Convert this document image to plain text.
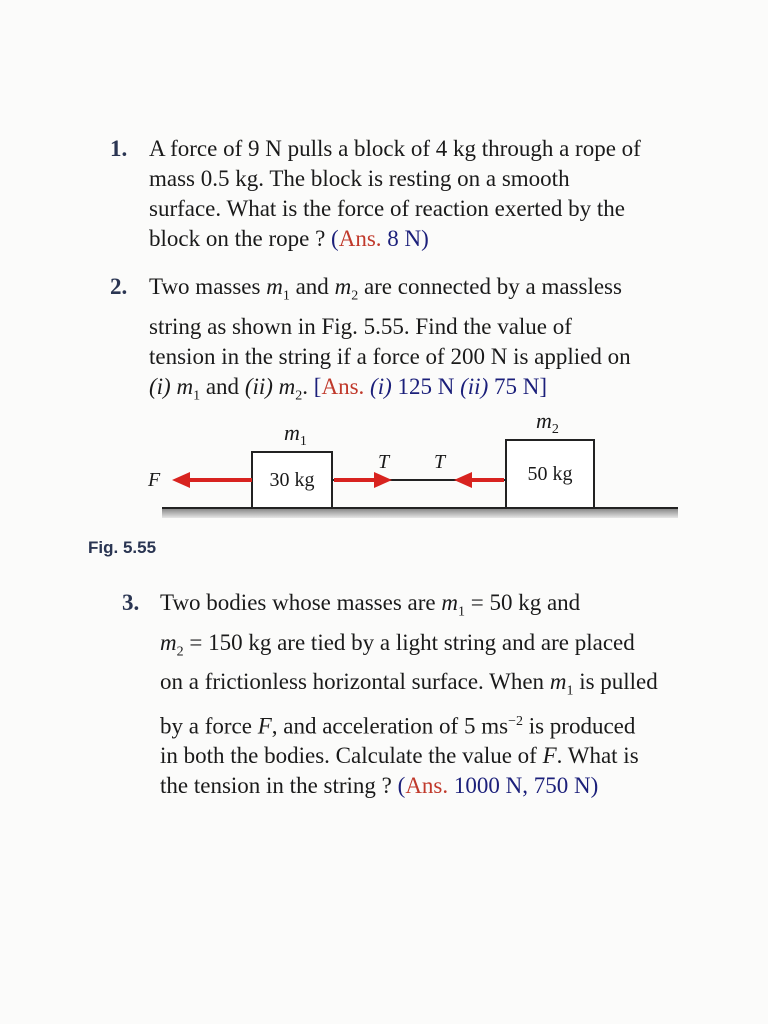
1. A force of 9 N pulls a block of 4 kg through a rope of
mass 0.5 kg. The block is resting on a smooth
surface. What is the force of reaction exerted by the
block on the rope ? (Ans. 8 N)
2. Two masses $m_1$ and $m_2$ are connected by a massless
string as shown in Fig. 5.55. Find the value of
tension in the string if a force of 200 N is applied on
(i) $m_1$ and (ii) $m_2$. [Ans. (i) 125 N (ii) 75 N]
30 kg
$m_1$
50 kg
$m_2$
F
T T
Fig. 5.55
3. Two bodies whose masses are $m_1 = 50$ kg and
$m_2 = 150$ kg are tied by a light string and are placed
on a frictionless horizontal surface. When $m_1$ is pulled
by a force F, and acceleration of 5 $ms^{-2}$ is produced
in both the bodies. Calculate the value of F. What is
the tension in the string ? (Ans. 1000 N, 750 N)
